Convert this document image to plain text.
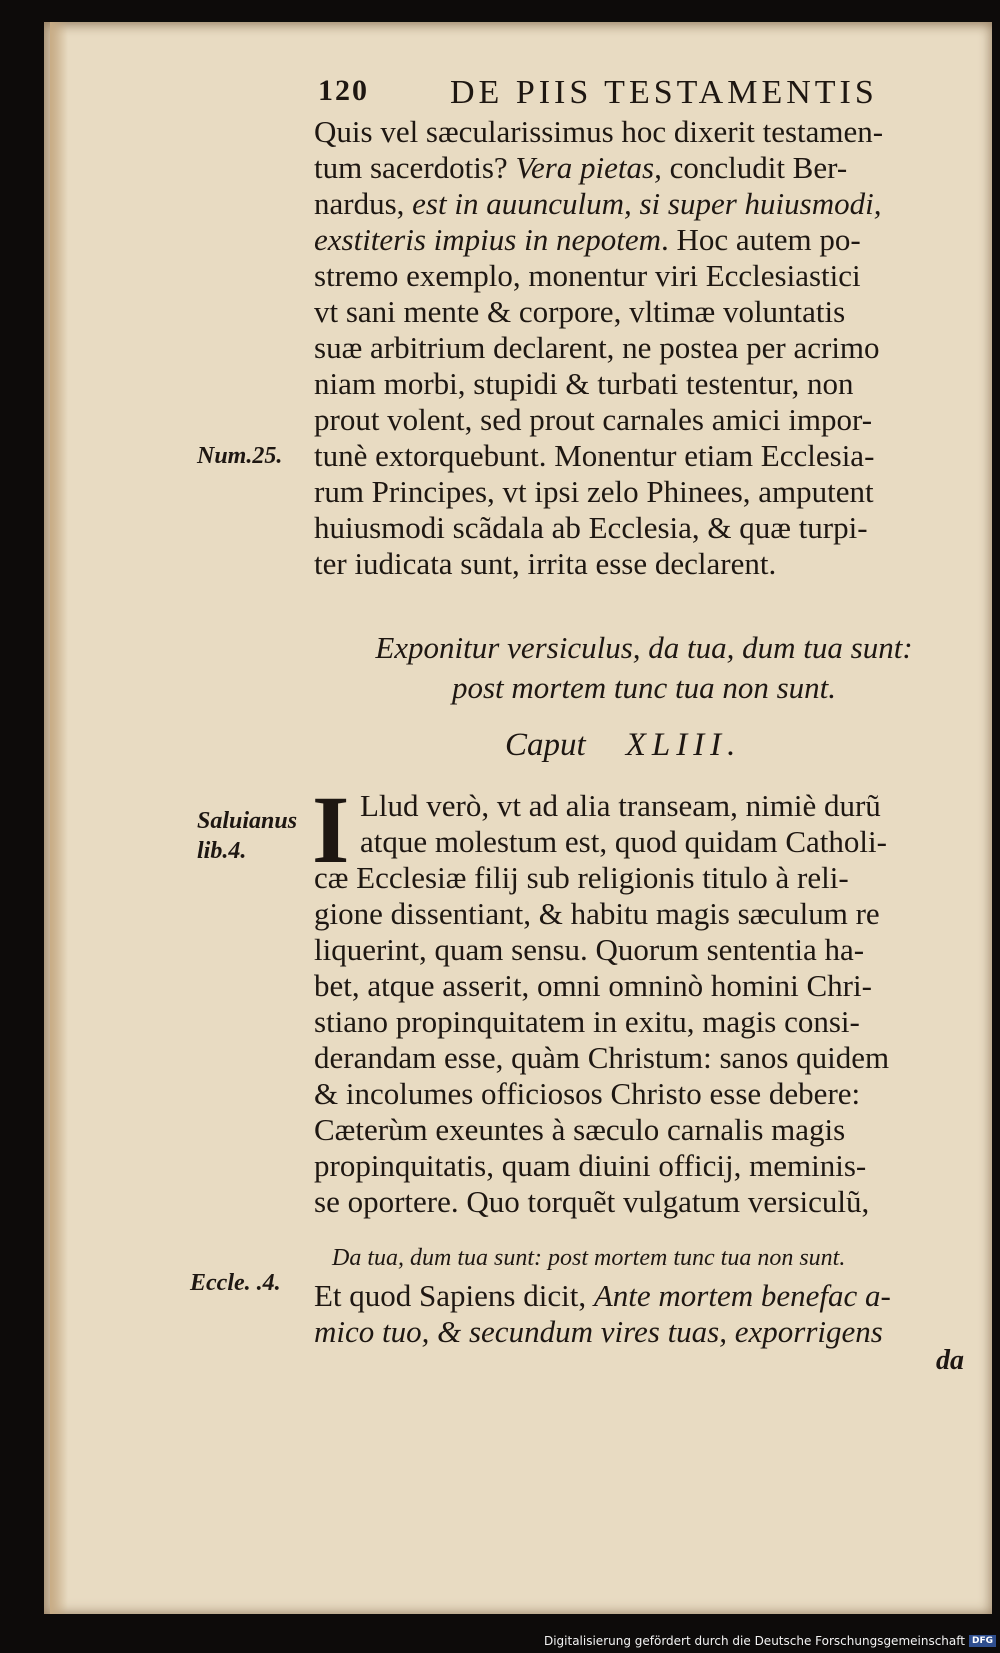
120 DE PIIS TESTAMENTIS
Quis vel sæcularissimus hoc dixerit testamen-
tum sacerdotis? Vera pietas, concludit Ber-
nardus, est in auunculum, si super huiusmodi,
exstiteris impius in nepotem. Hoc autem po-
stremo exemplo, monentur viri Ecclesiastici
vt sani mente & corpore, vltimæ voluntatis
suæ arbitrium declarent, ne postea per acrimo
niam morbi, stupidi & turbati testentur, non
prout volent, sed prout carnales amici impor-
tunè extorquebunt. Monentur etiam Ecclesia-
rum Principes, vt ipsi zelo Phinees, amputent
huiusmodi scãdala ab Ecclesia, & quæ turpi-
ter iudicata sunt, irrita esse declarent.
Exponitur versiculus, da tua, dum tua sunt:
post mortem tunc tua non sunt.
Caput XLIII.
I Llud verò, vt ad alia transeam, nimiè durũ
atque molestum est, quod quidam Catholi-
cæ Ecclesiæ filij sub religionis titulo à reli-
gione dissentiant, & habitu magis sæculum re
liquerint, quam sensu. Quorum sententia ha-
bet, atque asserit, omni omninò homini Chri-
stiano propinquitatem in exitu, magis consi-
derandam esse, quàm Christum: sanos quidem
& incolumes officiosos Christo esse debere:
Cæterùm exeuntes à sæculo carnalis magis
propinquitatis, quam diuini officij, meminis-
se oportere. Quo torquẽt vulgatum versiculũ,
Da tua, dum tua sunt: post mortem tunc tua non sunt.
Et quod Sapiens dicit, Ante mortem benefac a-
mico tuo, & secundum vires tuas, exporrigens
da
Num.25.
Saluianus
lib.4.
Eccle. .4.
Digitalisierung gefördert durch die Deutsche Forschungsgemeinschaft DFG
